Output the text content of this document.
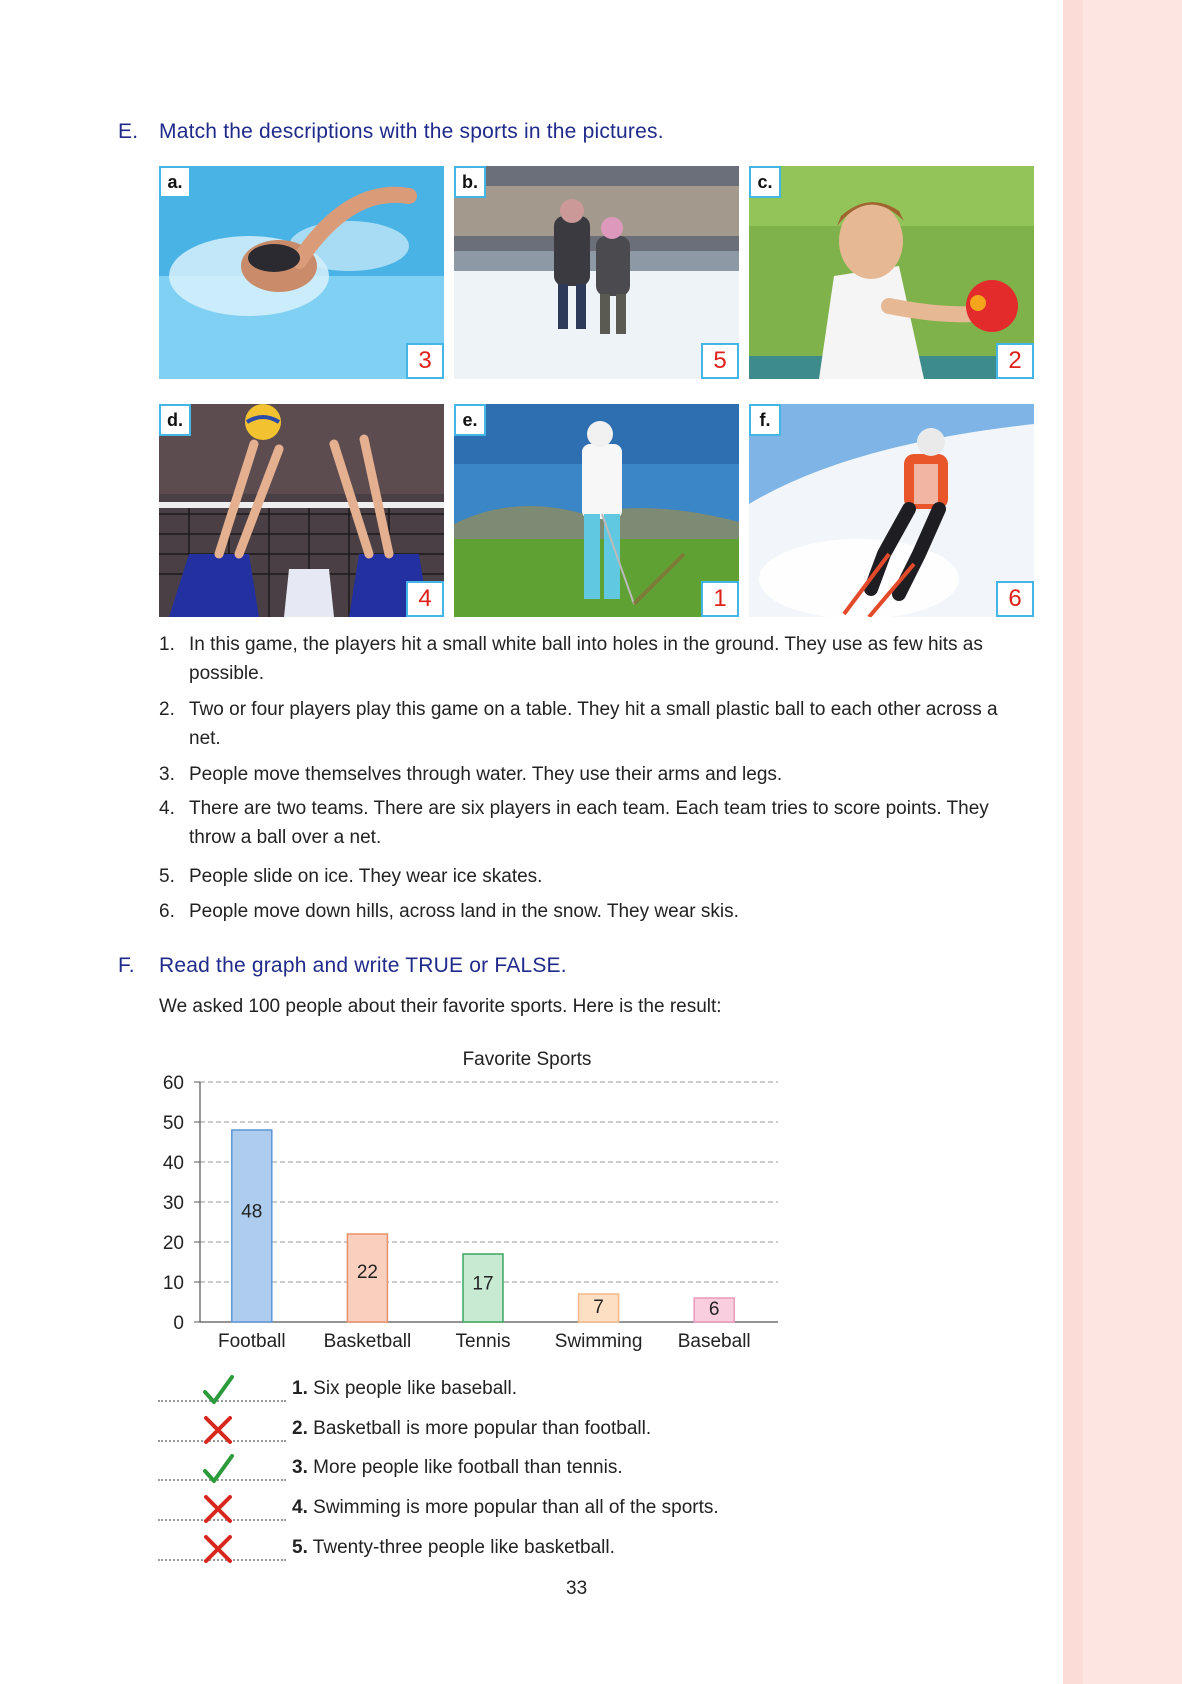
E. Match the descriptions with the sports in the pictures.
a.
3
b.
5
c.
2
d.
4
e.
1
f.
6
1. In this game, the players hit a small white ball into holes in the ground. They use as few hits as possible.
2. Two or four players play this game on a table. They hit a small plastic ball to each other across a net.
3. People move themselves through water. They use their arms and legs.
4. There are two teams. There are six players in each team. Each team tries to score points. They throw a ball over a net.
5. People slide on ice. They wear ice skates.
6. People move down hills, across land in the snow. They wear skis.
F. Read the graph and write TRUE or FALSE.
We asked 100 people about their favorite sports. Here is the result:
Favorite Sports
0
10
20
30
40
50
60
48
22
17
7	6
Football Basketball Tennis Swimming Baseball
1. Six people like baseball.
2. Basketball is more popular than football.
3. More people like football than tennis.
4. Swimming is more popular than all of the sports.
5. Twenty-three people like basketball.
33
